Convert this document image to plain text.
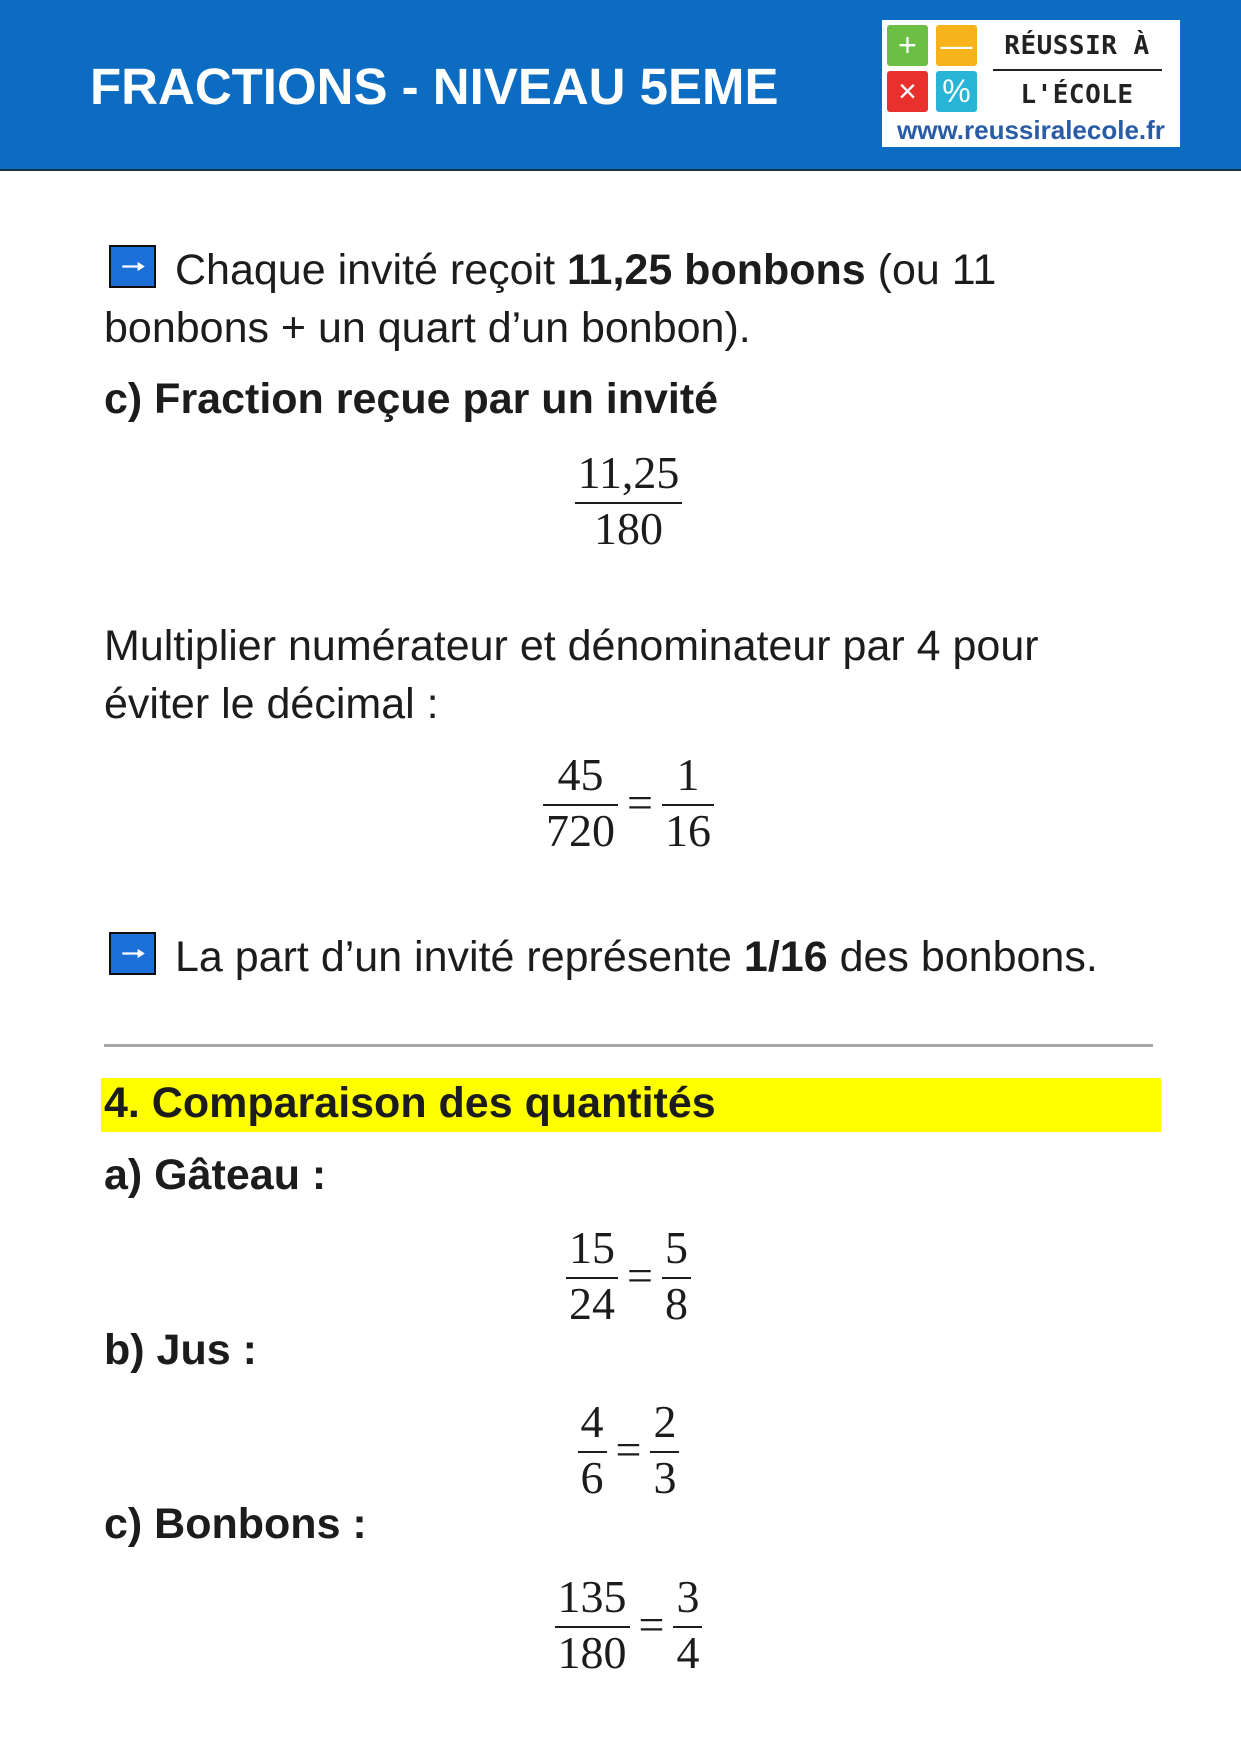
FRACTIONS - NIVEAU 5EME
+ —
× %
RÉUSSIR À
L'ÉCOLE
www.reussiralecole.fr

Chaque invité reçoit 11,25 bonbons (ou 11 bonbons + un quart d’un bonbon).

c) Fraction reçue par un invité

$\frac{11,25}{180}$

Multiplier numérateur et dénominateur par 4 pour éviter le décimal :

$\frac{45}{720} = \frac{1}{16}$

La part d’un invité représente 1/16 des bonbons.

4. Comparaison des quantités

a) Gâteau :

$\frac{15}{24} = \frac{5}{8}$

b) Jus :

$\frac{4}{6} = \frac{2}{3}$

c) Bonbons :

$\frac{135}{180} = \frac{3}{4}$
